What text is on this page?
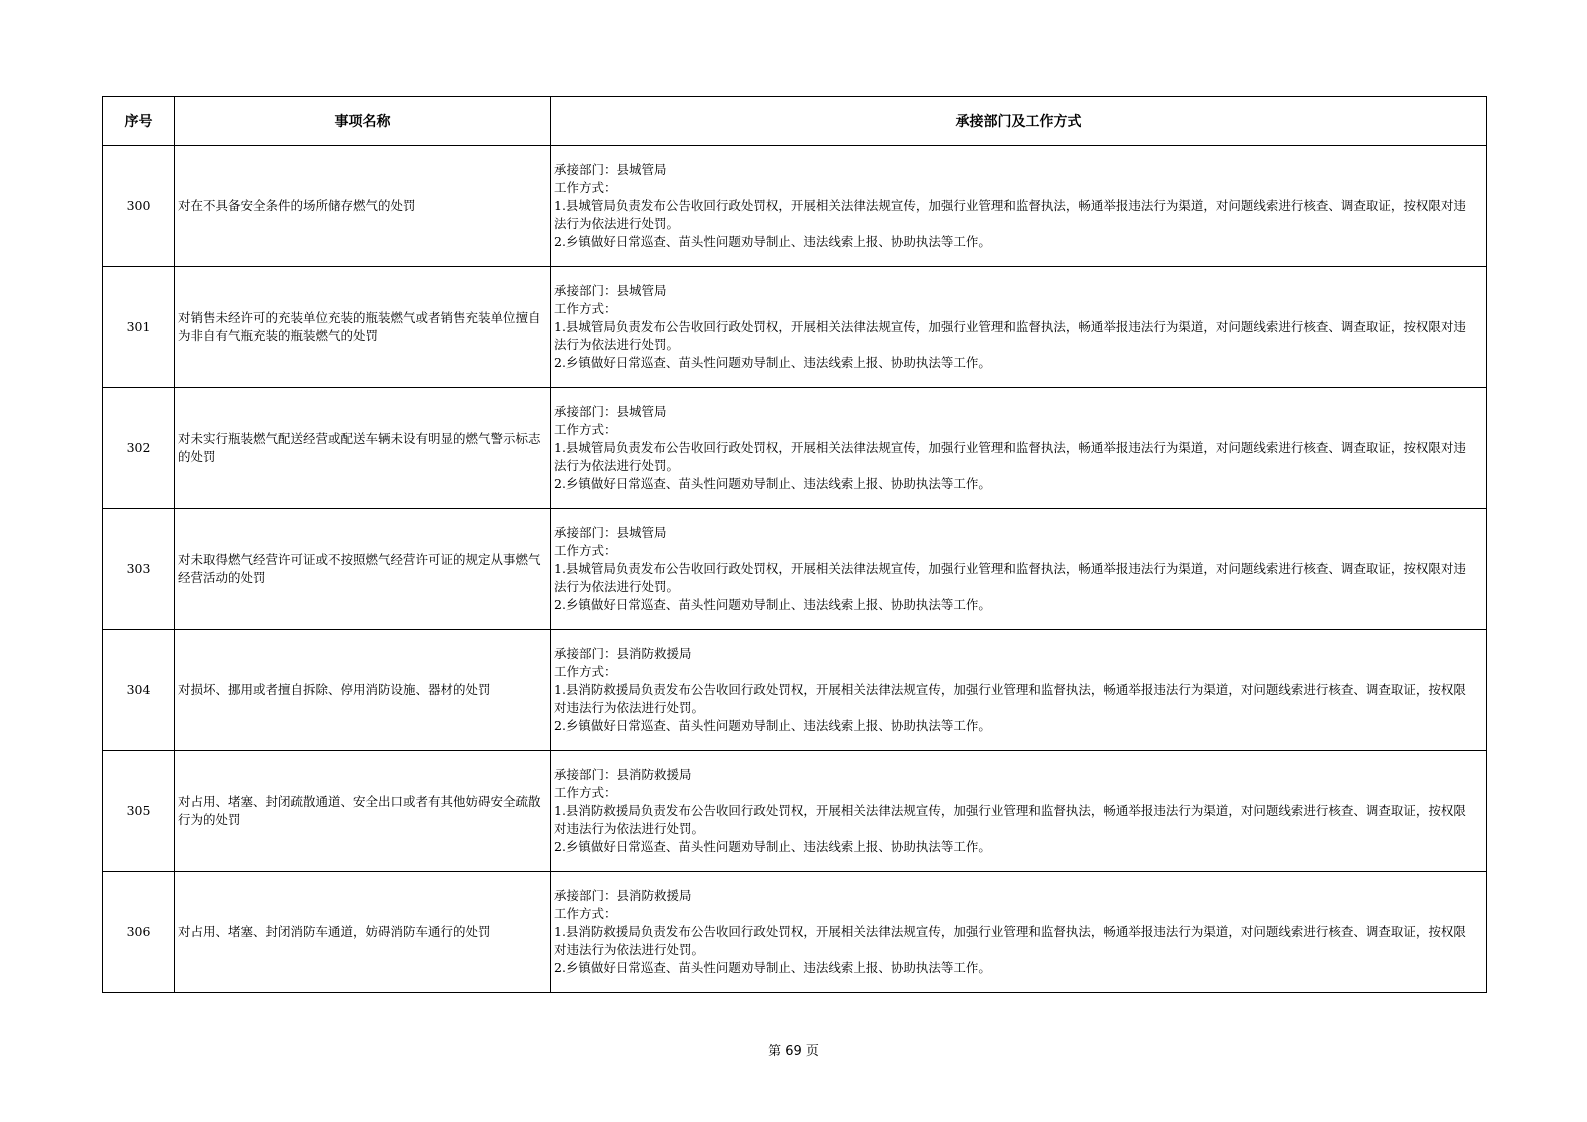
序号	事项名称	承接部门及工作方式
300	对在不具备安全条件的场所储存燃气的处罚	承接部门：县城管局
工作方式：
1.县城管局负责发布公告收回行政处罚权，开展相关法律法规宣传，加强行业管理和监督执法，畅通举报违法行为渠道，对问题线索进行核查、调查取证，按权限对违法行为依法进行处罚。
2.乡镇做好日常巡查、苗头性问题劝导制止、违法线索上报、协助执法等工作。

301	对销售未经许可的充装单位充装的瓶装燃气或者销售充装单位擅自为非自有气瓶充装的瓶装燃气的处罚	承接部门：县城管局
工作方式：
1.县城管局负责发布公告收回行政处罚权，开展相关法律法规宣传，加强行业管理和监督执法，畅通举报违法行为渠道，对问题线索进行核查、调查取证，按权限对违法行为依法进行处罚。
2.乡镇做好日常巡查、苗头性问题劝导制止、违法线索上报、协助执法等工作。

302	对未实行瓶装燃气配送经营或配送车辆未设有明显的燃气警示标志的处罚	承接部门：县城管局
工作方式：
1.县城管局负责发布公告收回行政处罚权，开展相关法律法规宣传，加强行业管理和监督执法，畅通举报违法行为渠道，对问题线索进行核查、调查取证，按权限对违法行为依法进行处罚。
2.乡镇做好日常巡查、苗头性问题劝导制止、违法线索上报、协助执法等工作。

303	对未取得燃气经营许可证或不按照燃气经营许可证的规定从事燃气经营活动的处罚	承接部门：县城管局
工作方式：
1.县城管局负责发布公告收回行政处罚权，开展相关法律法规宣传，加强行业管理和监督执法，畅通举报违法行为渠道，对问题线索进行核查、调查取证，按权限对违法行为依法进行处罚。
2.乡镇做好日常巡查、苗头性问题劝导制止、违法线索上报、协助执法等工作。

304	对损坏、挪用或者擅自拆除、停用消防设施、器材的处罚	承接部门：县消防救援局
工作方式：
1.县消防救援局负责发布公告收回行政处罚权，开展相关法律法规宣传，加强行业管理和监督执法，畅通举报违法行为渠道，对问题线索进行核查、调查取证，按权限对违法行为依法进行处罚。
2.乡镇做好日常巡查、苗头性问题劝导制止、违法线索上报、协助执法等工作。

305	对占用、堵塞、封闭疏散通道、安全出口或者有其他妨碍安全疏散行为的处罚	承接部门：县消防救援局
工作方式：
1.县消防救援局负责发布公告收回行政处罚权，开展相关法律法规宣传，加强行业管理和监督执法，畅通举报违法行为渠道，对问题线索进行核查、调查取证，按权限对违法行为依法进行处罚。
2.乡镇做好日常巡查、苗头性问题劝导制止、违法线索上报、协助执法等工作。

306	对占用、堵塞、封闭消防车通道，妨碍消防车通行的处罚	承接部门：县消防救援局
工作方式：
1.县消防救援局负责发布公告收回行政处罚权，开展相关法律法规宣传，加强行业管理和监督执法，畅通举报违法行为渠道，对问题线索进行核查、调查取证，按权限对违法行为依法进行处罚。
2.乡镇做好日常巡查、苗头性问题劝导制止、违法线索上报、协助执法等工作。
第 69 页
